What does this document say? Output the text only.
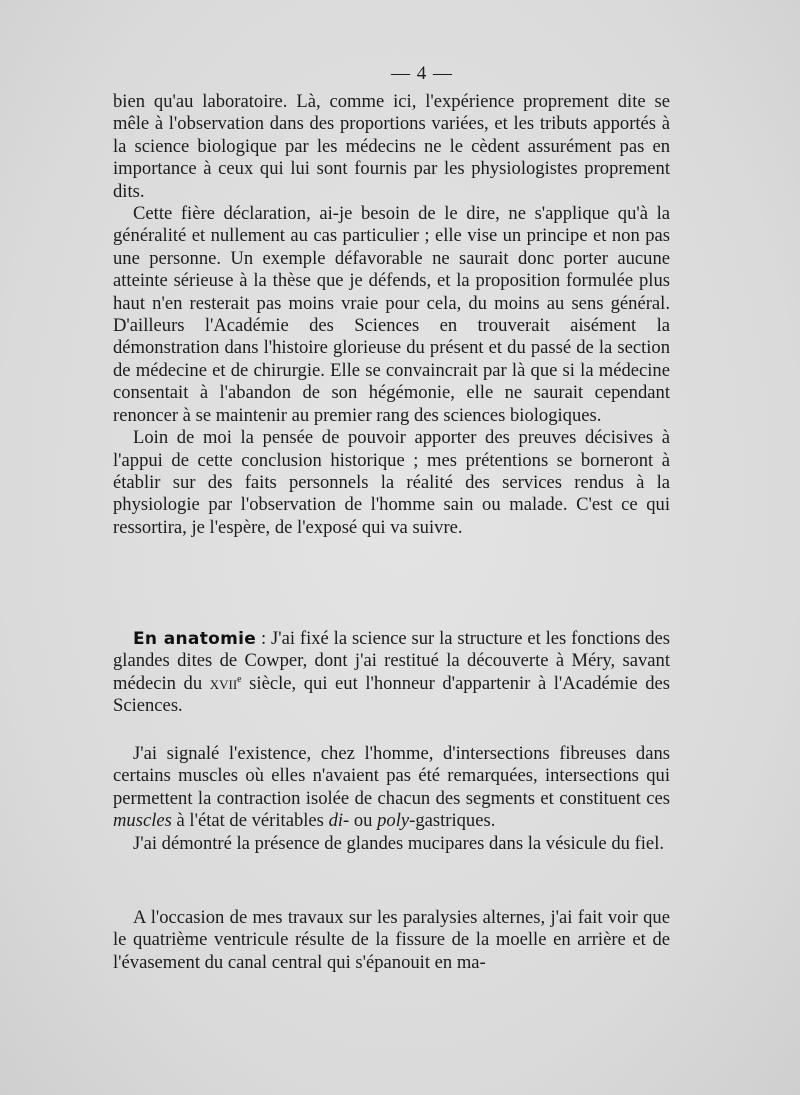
— 4 —

bien qu'au laboratoire. Là, comme ici, l'expérience proprement dite se mêle à l'observation dans des proportions variées, et les tributs apportés à la science biologique par les médecins ne le cèdent assurément pas en importance à ceux qui lui sont fournis par les physiologistes proprement dits.

Cette fière déclaration, ai-je besoin de le dire, ne s'applique qu'à la généralité et nullement au cas particulier ; elle vise un principe et non pas une personne. Un exemple défavorable ne saurait donc porter aucune atteinte sérieuse à la thèse que je défends, et la proposition formulée plus haut n'en resterait pas moins vraie pour cela, du moins au sens général. D'ailleurs l'Académie des Sciences en trouverait aisément la démonstration dans l'histoire glorieuse du présent et du passé de la section de médecine et de chirurgie. Elle se convaincrait par là que si la médecine consentait à l'abandon de son hégémonie, elle ne saurait cependant renoncer à se maintenir au premier rang des sciences biologiques.

Loin de moi la pensée de pouvoir apporter des preuves décisives à l'appui de cette conclusion historique ; mes prétentions se borneront à établir sur des faits personnels la réalité des services rendus à la physiologie par l'observation de l'homme sain ou malade. C'est ce qui ressortira, je l'espère, de l'exposé qui va suivre.

En anatomie : J'ai fixé la science sur la structure et les fonctions des glandes dites de Cowper, dont j'ai restitué la découverte à Méry, savant médecin du xvii$^e$ siècle, qui eut l'honneur d'appartenir à l'Académie des Sciences.

J'ai signalé l'existence, chez l'homme, d'intersections fibreuses dans certains muscles où elles n'avaient pas été remarquées, intersections qui permettent la contraction isolée de chacun des segments et constituent ces muscles à l'état de véritables di- ou poly-gastriques.

J'ai démontré la présence de glandes mucipares dans la vésicule du fiel.

A l'occasion de mes travaux sur les paralysies alternes, j'ai fait voir que le quatrième ventricule résulte de la fissure de la moelle en arrière et de l'évasement du canal central qui s'épanouit en ma-
